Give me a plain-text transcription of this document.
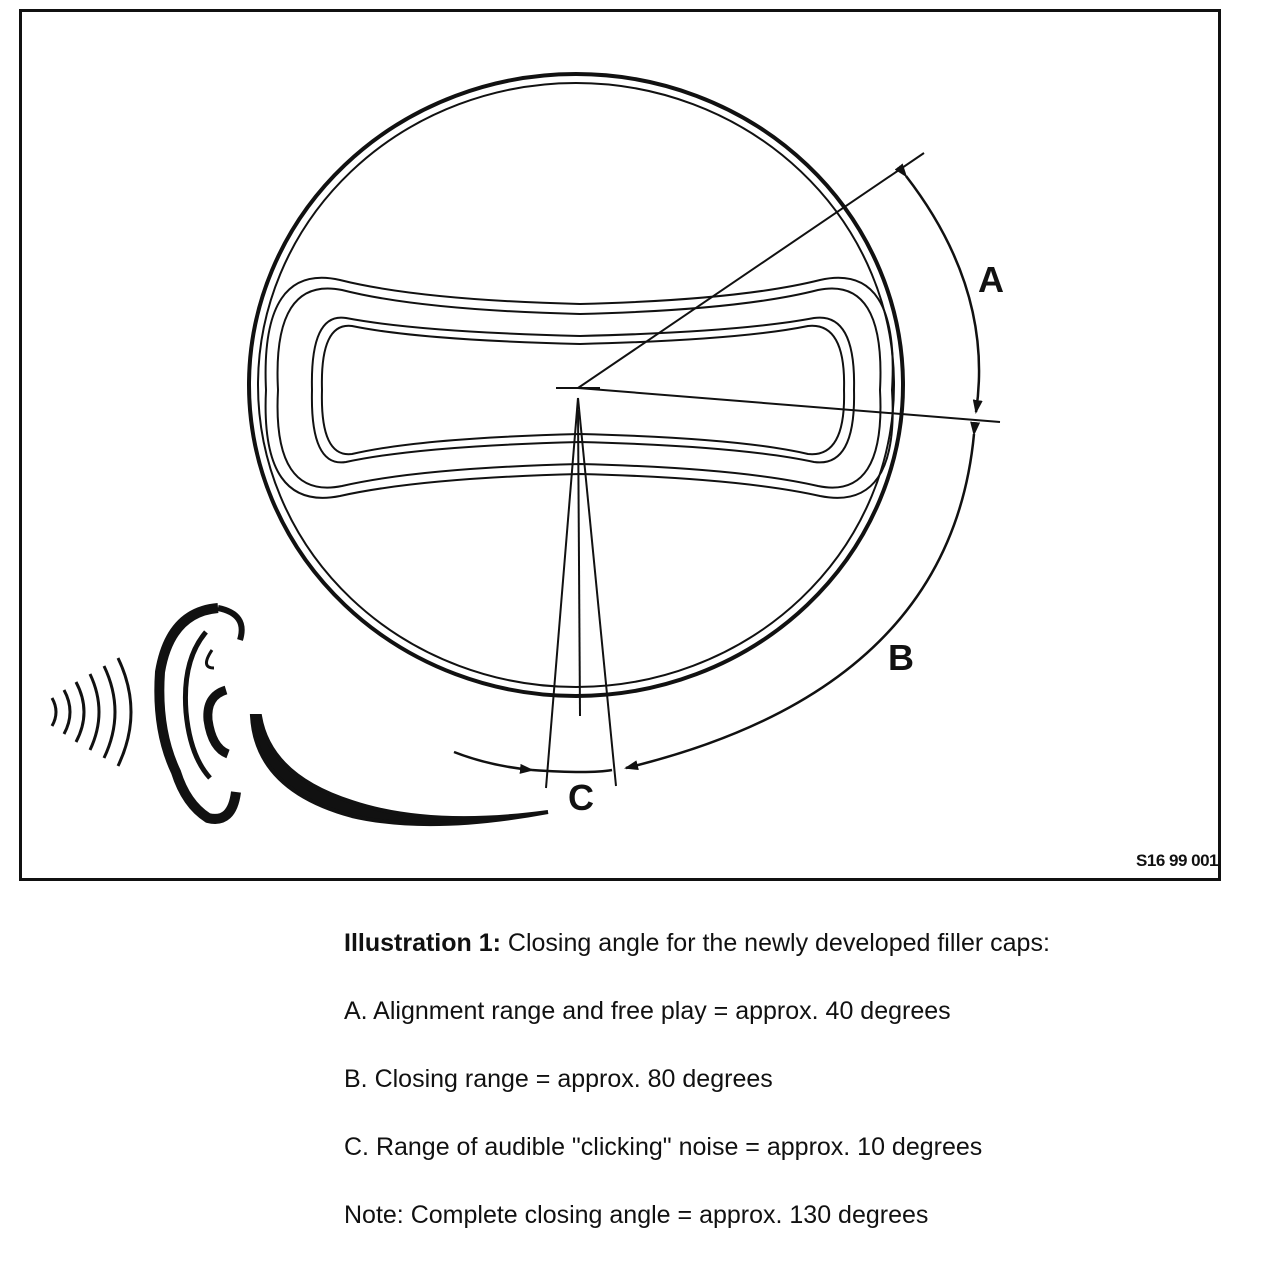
A
B
C
S16 99 001

Illustration 1: Closing angle for the newly developed filler caps:

A. Alignment range and free play = approx. 40 degrees

B. Closing range = approx. 80 degrees

C. Range of audible "clicking" noise = approx. 10 degrees

Note: Complete closing angle = approx. 130 degrees
